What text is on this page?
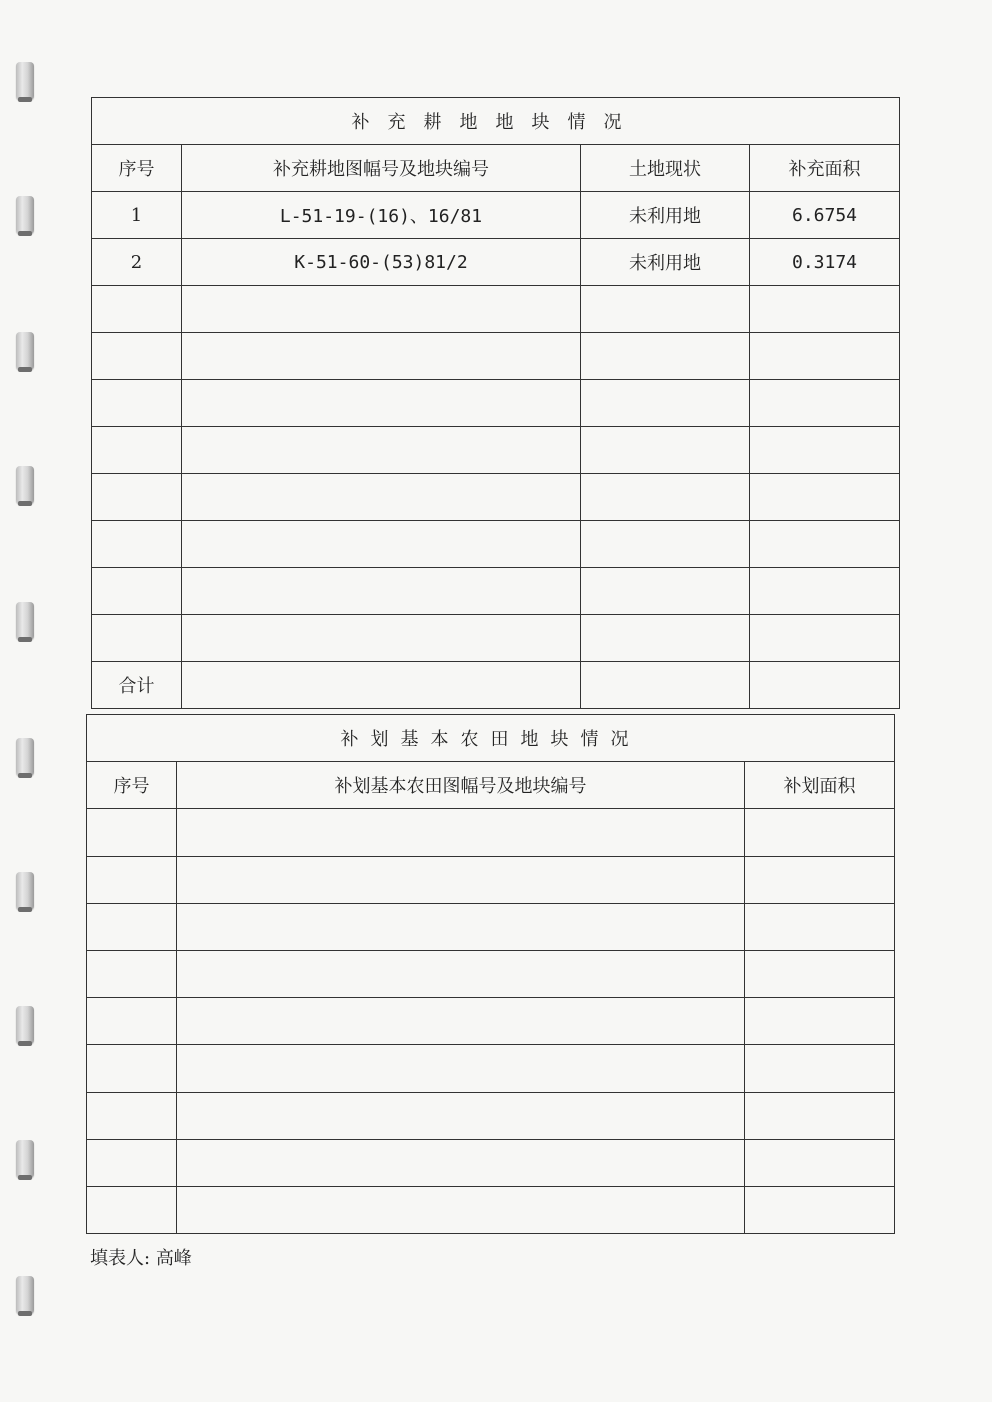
补充耕地地块情况			
序号	补充耕地图幅号及地块编号	土地现状	补充面积
1	L-51-19-(16)、16/81	未利用地	6.6754
2	K-51-60-(53)81/2	未利用地	0.3174

合计			
补划基本农田地块情况		
序号	补划基本农田图幅号及地块编号	补划面积

填表人: 高峰
